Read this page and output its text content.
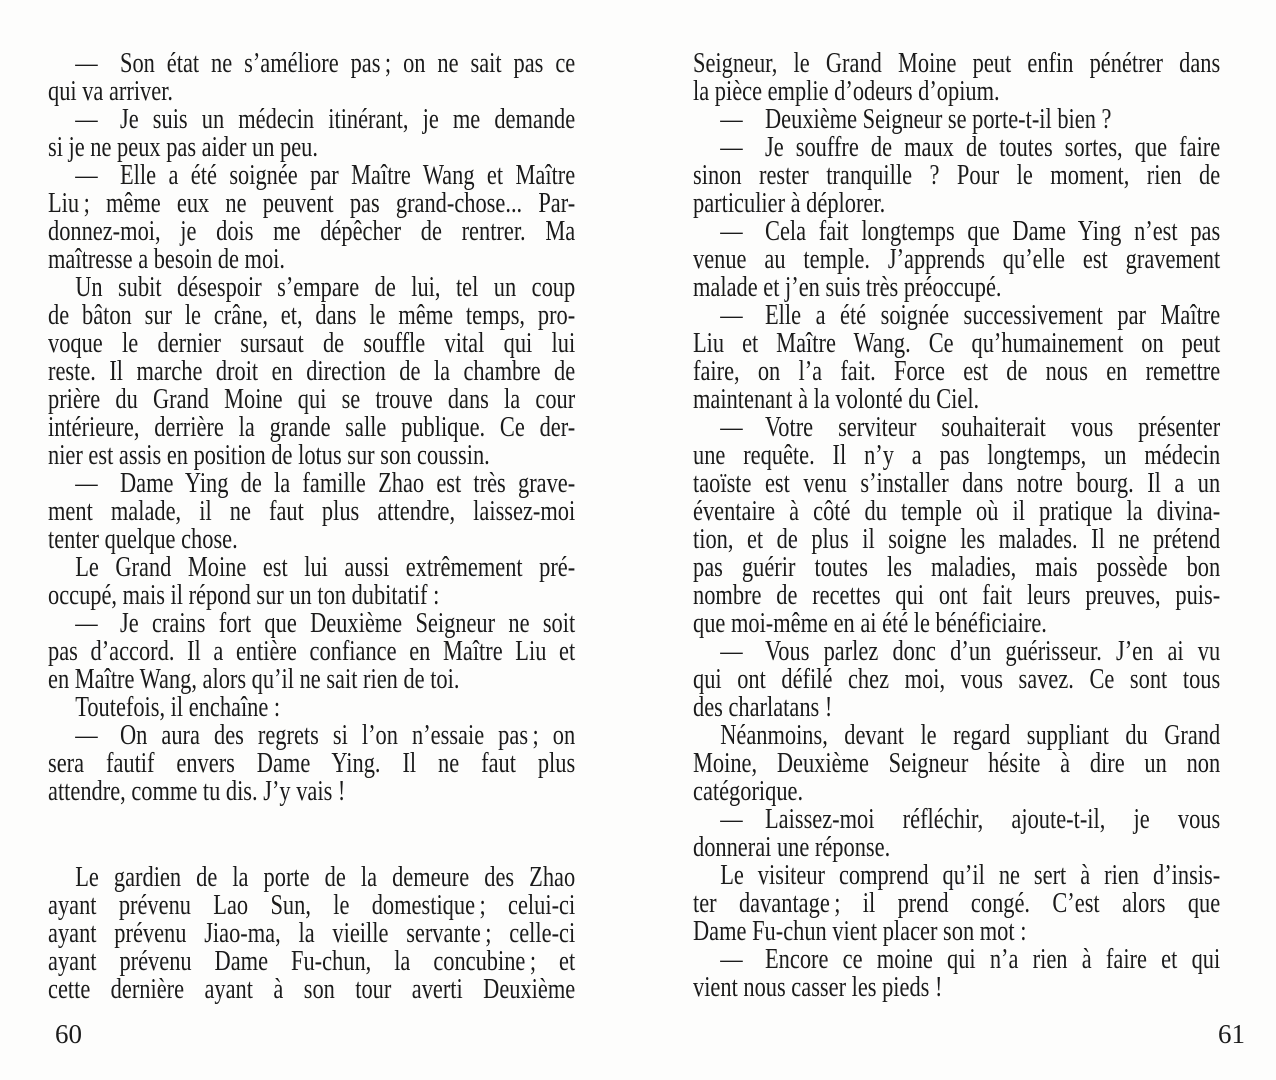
— Son état ne s’améliore pas ; on ne sait pas ce
qui va arriver.
— Je suis un médecin itinérant, je me demande
si je ne peux pas aider un peu.
— Elle a été soignée par Maître Wang et Maître
Liu ; même eux ne peuvent pas grand-chose... Par-
donnez-moi, je dois me dépêcher de rentrer. Ma
maîtresse a besoin de moi.
Un subit désespoir s’empare de lui, tel un coup
de bâton sur le crâne, et, dans le même temps, pro-
voque le dernier sursaut de souffle vital qui lui
reste. Il marche droit en direction de la chambre de
prière du Grand Moine qui se trouve dans la cour
intérieure, derrière la grande salle publique. Ce der-
nier est assis en position de lotus sur son coussin.
— Dame Ying de la famille Zhao est très grave-
ment malade, il ne faut plus attendre, laissez-moi
tenter quelque chose.
Le Grand Moine est lui aussi extrêmement pré-
occupé, mais il répond sur un ton dubitatif :
— Je crains fort que Deuxième Seigneur ne soit
pas d’accord. Il a entière confiance en Maître Liu et
en Maître Wang, alors qu’il ne sait rien de toi.
Toutefois, il enchaîne :
— On aura des regrets si l’on n’essaie pas ; on
sera fautif envers Dame Ying. Il ne faut plus
attendre, comme tu dis. J’y vais !
Le gardien de la porte de la demeure des Zhao
ayant prévenu Lao Sun, le domestique ; celui-ci
ayant prévenu Jiao-ma, la vieille servante ; celle-ci
ayant prévenu Dame Fu-chun, la concubine ; et
cette dernière ayant à son tour averti Deuxième
Seigneur, le Grand Moine peut enfin pénétrer dans
la pièce emplie d’odeurs d’opium.
— Deuxième Seigneur se porte-t-il bien ?
— Je souffre de maux de toutes sortes, que faire
sinon rester tranquille ? Pour le moment, rien de
particulier à déplorer.
— Cela fait longtemps que Dame Ying n’est pas
venue au temple. J’apprends qu’elle est gravement
malade et j’en suis très préoccupé.
— Elle a été soignée successivement par Maître
Liu et Maître Wang. Ce qu’humainement on peut
faire, on l’a fait. Force est de nous en remettre
maintenant à la volonté du Ciel.
— Votre serviteur souhaiterait vous présenter
une requête. Il n’y a pas longtemps, un médecin
taoïste est venu s’installer dans notre bourg. Il a un
éventaire à côté du temple où il pratique la divina-
tion, et de plus il soigne les malades. Il ne prétend
pas guérir toutes les maladies, mais possède bon
nombre de recettes qui ont fait leurs preuves, puis-
que moi-même en ai été le bénéficiaire.
— Vous parlez donc d’un guérisseur. J’en ai vu
qui ont défilé chez moi, vous savez. Ce sont tous
des charlatans !
Néanmoins, devant le regard suppliant du Grand
Moine, Deuxième Seigneur hésite à dire un non
catégorique.
— Laissez-moi réfléchir, ajoute-t-il, je vous
donnerai une réponse.
Le visiteur comprend qu’il ne sert à rien d’insis-
ter davantage ; il prend congé. C’est alors que
Dame Fu-chun vient placer son mot :
— Encore ce moine qui n’a rien à faire et qui
vient nous casser les pieds !
60	61
